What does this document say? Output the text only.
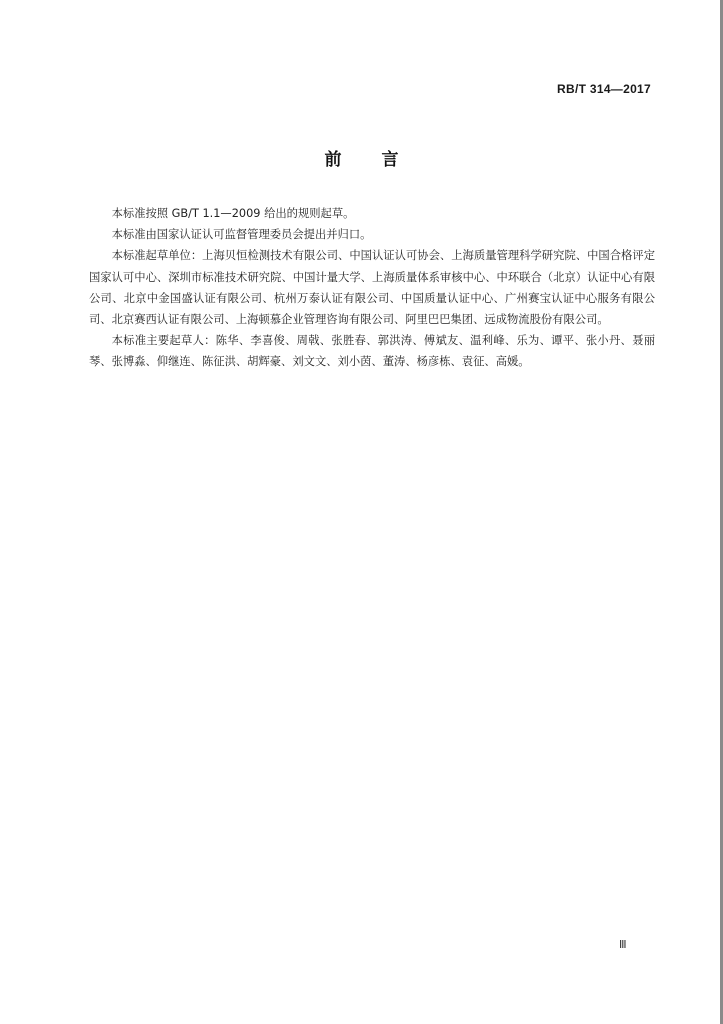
RB/T 314—2017
前言

本标准按照 GB/T 1.1—2009 给出的规则起草。

本标准由国家认证认可监督管理委员会提出并归口。

本标准起草单位：上海贝恒检测技术有限公司、中国认证认可协会、上海质量管理科学研究院、中国合格评定国家认可中心、深圳市标准技术研究院、中国计量大学、上海质量体系审核中心、中环联合（北京）认证中心有限公司、北京中金国盛认证有限公司、杭州万泰认证有限公司、中国质量认证中心、广州赛宝认证中心服务有限公司、北京赛西认证有限公司、上海顿慕企业管理咨询有限公司、阿里巴巴集团、远成物流股份有限公司。

本标准主要起草人：陈华、李喜俊、周戟、张胜春、郭洪涛、傅斌友、温利峰、乐为、谭平、张小丹、聂丽琴、张博淼、仰继连、陈征洪、胡辉豪、刘文文、刘小茵、董涛、杨彦栋、袁征、高媛。

Ⅲ
